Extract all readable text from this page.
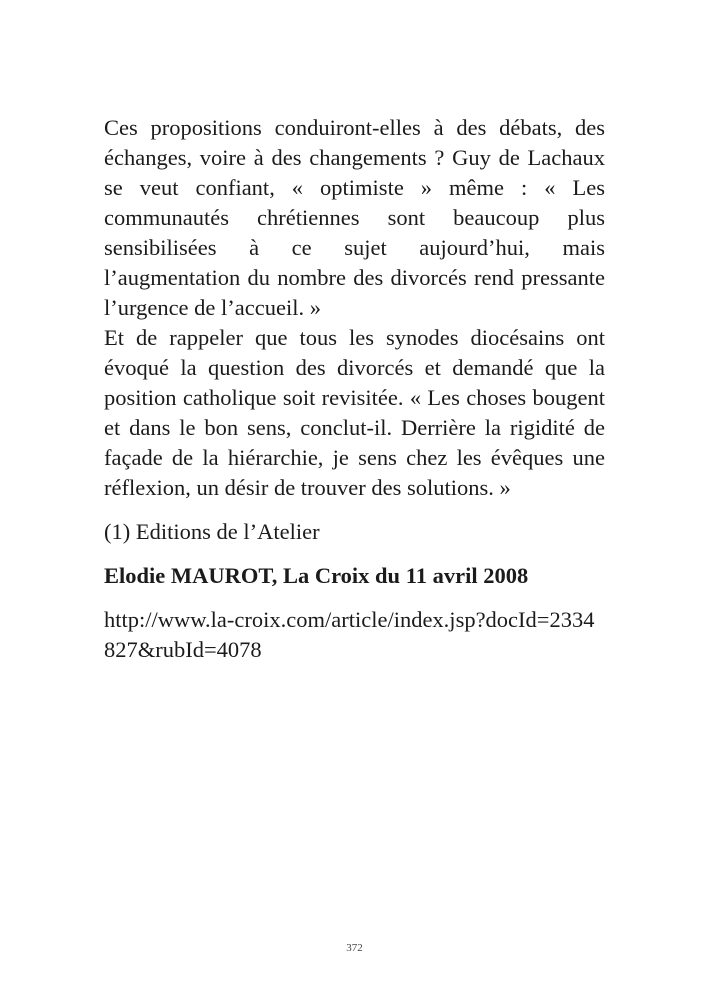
Ces propositions conduiront-elles à des débats, des échanges, voire à des changements ? Guy de Lachaux se veut confiant, « optimiste » même : « Les communautés chrétiennes sont beaucoup plus sensibilisées à ce sujet aujourd’hui, mais l’augmentation du nombre des divorcés rend pressante l’urgence de l’accueil. »

Et de rappeler que tous les synodes diocésains ont évoqué la question des divorcés et demandé que la position catholique soit revisitée. « Les choses bougent et dans le bon sens, conclut-il. Derrière la rigidité de façade de la hiérarchie, je sens chez les évêques une réflexion, un désir de trouver des solutions. »

(1) Editions de l’Atelier

Elodie MAUROT, La Croix du 11 avril 2008

http://www.la-croix.com/article/index.jsp?docId=2334827&rubId=4078

372
